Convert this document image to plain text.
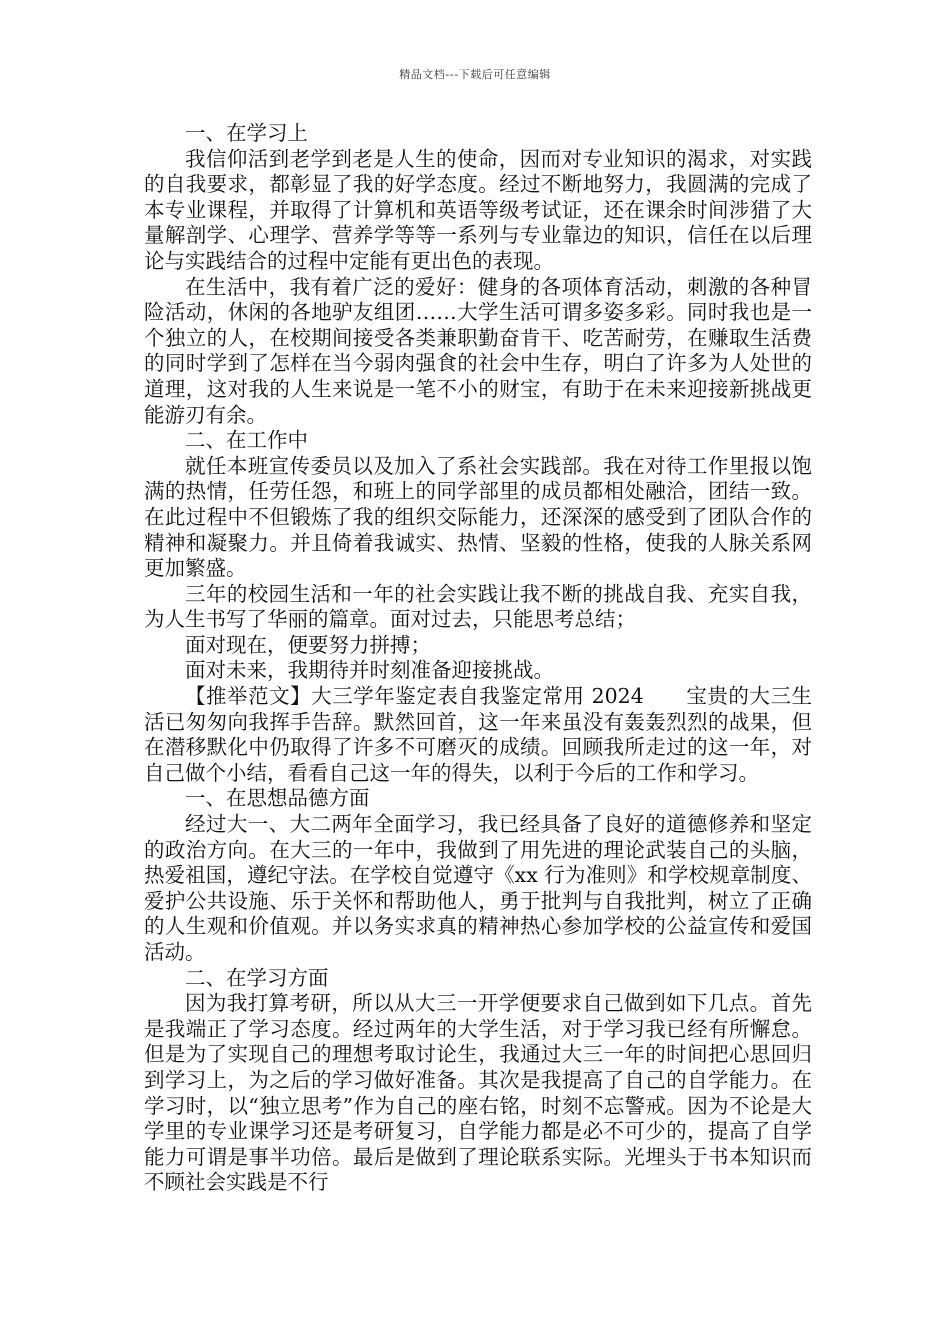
精品文档---下载后可任意编辑

一、在学习上

我信仰活到老学到老是人生的使命，因而对专业知识的渴求，对实践的自我要求，都彰显了我的好学态度。经过不断地努力，我圆满的完成了本专业课程，并取得了计算机和英语等级考试证，还在课余时间涉猎了大量解剖学、心理学、营养学等等一系列与专业靠边的知识，信任在以后理论与实践结合的过程中定能有更出色的表现。

在生活中，我有着广泛的爱好：健身的各项体育活动，刺激的各种冒险活动，休闲的各地驴友组团……大学生活可谓多姿多彩。同时我也是一个独立的人，在校期间接受各类兼职勤奋肯干、吃苦耐劳，在赚取生活费的同时学到了怎样在当今弱肉强食的社会中生存，明白了许多为人处世的道理，这对我的人生来说是一笔不小的财宝，有助于在未来迎接新挑战更能游刃有余。

二、在工作中

就任本班宣传委员以及加入了系社会实践部。我在对待工作里报以饱满的热情，任劳任怨，和班上的同学部里的成员都相处融洽，团结一致。在此过程中不但锻炼了我的组织交际能力，还深深的感受到了团队合作的精神和凝聚力。并且倚着我诚实、热情、坚毅的性格，使我的人脉关系网更加繁盛。

三年的校园生活和一年的社会实践让我不断的挑战自我、充实自我，为人生书写了华丽的篇章。面对过去，只能思考总结；

面对现在，便要努力拼搏；

面对未来，我期待并时刻准备迎接挑战。

【推举范文】大三学年鉴定表自我鉴定常用 2024　　宝贵的大三生活已匆匆向我挥手告辞。默然回首，这一年来虽没有轰轰烈烈的战果，但在潜移默化中仍取得了许多不可磨灭的成绩。回顾我所走过的这一年，对自己做个小结，看看自己这一年的得失，以利于今后的工作和学习。

一、在思想品德方面

经过大一、大二两年全面学习，我已经具备了良好的道德修养和坚定的政治方向。在大三的一年中，我做到了用先进的理论武装自己的头脑，热爱祖国，遵纪守法。在学校自觉遵守《xx 行为准则》和学校规章制度、爱护公共设施、乐于关怀和帮助他人，勇于批判与自我批判，树立了正确的人生观和价值观。并以务实求真的精神热心参加学校的公益宣传和爱国活动。

二、在学习方面

因为我打算考研，所以从大三一开学便要求自己做到如下几点。首先是我端正了学习态度。经过两年的大学生活，对于学习我已经有所懈怠。但是为了实现自己的理想考取讨论生，我通过大三一年的时间把心思回归到学习上，为之后的学习做好准备。其次是我提高了自己的自学能力。在学习时，以“独立思考”作为自己的座右铭，时刻不忘警戒。因为不论是大学里的专业课学习还是考研复习，自学能力都是必不可少的，提高了自学能力可谓是事半功倍。最后是做到了理论联系实际。光埋头于书本知识而不顾社会实践是不行
